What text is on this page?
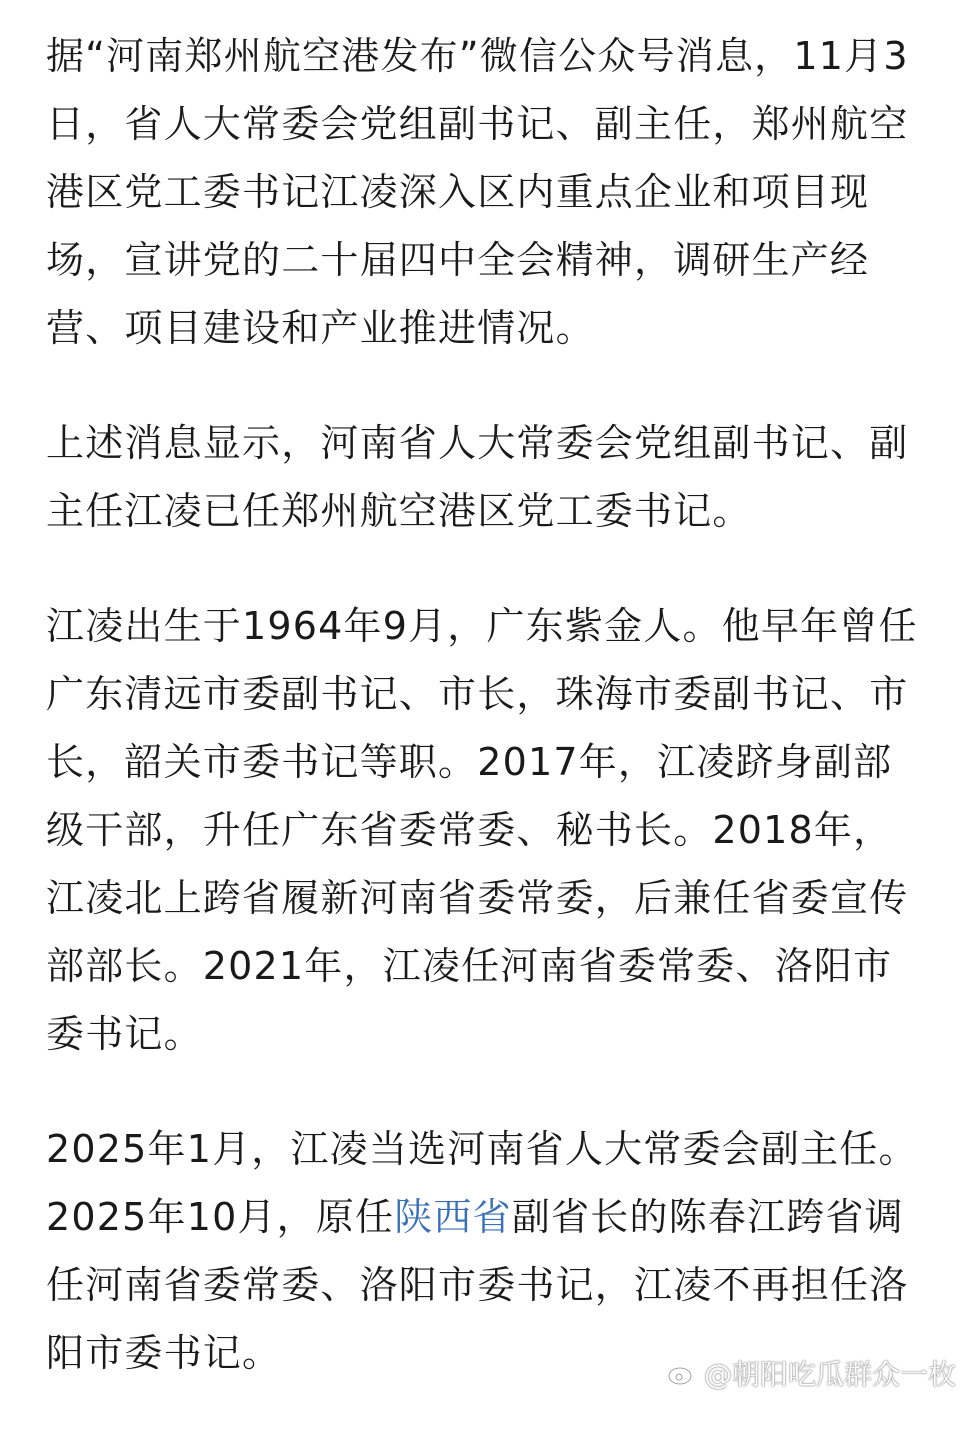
据“河南郑州航空港发布”微信公众号消息，11月3日，省人大常委会党组副书记、副主任，郑州航空港区党工委书记江凌深入区内重点企业和项目现场，宣讲党的二十届四中全会精神，调研生产经营、项目建设和产业推进情况。

上述消息显示，河南省人大常委会党组副书记、副主任江凌已任郑州航空港区党工委书记。

江凌出生于1964年9月，广东紫金人。他早年曾任广东清远市委副书记、市长，珠海市委副书记、市长，韶关市委书记等职。2017年，江凌跻身副部级干部，升任广东省委常委、秘书长。2018年，江凌北上跨省履新河南省委常委，后兼任省委宣传部部长。2021年，江凌任河南省委常委、洛阳市委书记。

2025年1月，江凌当选河南省人大常委会副主任。2025年10月，原任陕西省副省长的陈春江跨省调任河南省委常委、洛阳市委书记，江凌不再担任洛阳市委书记。	@朝阳吃瓜群众一枚
